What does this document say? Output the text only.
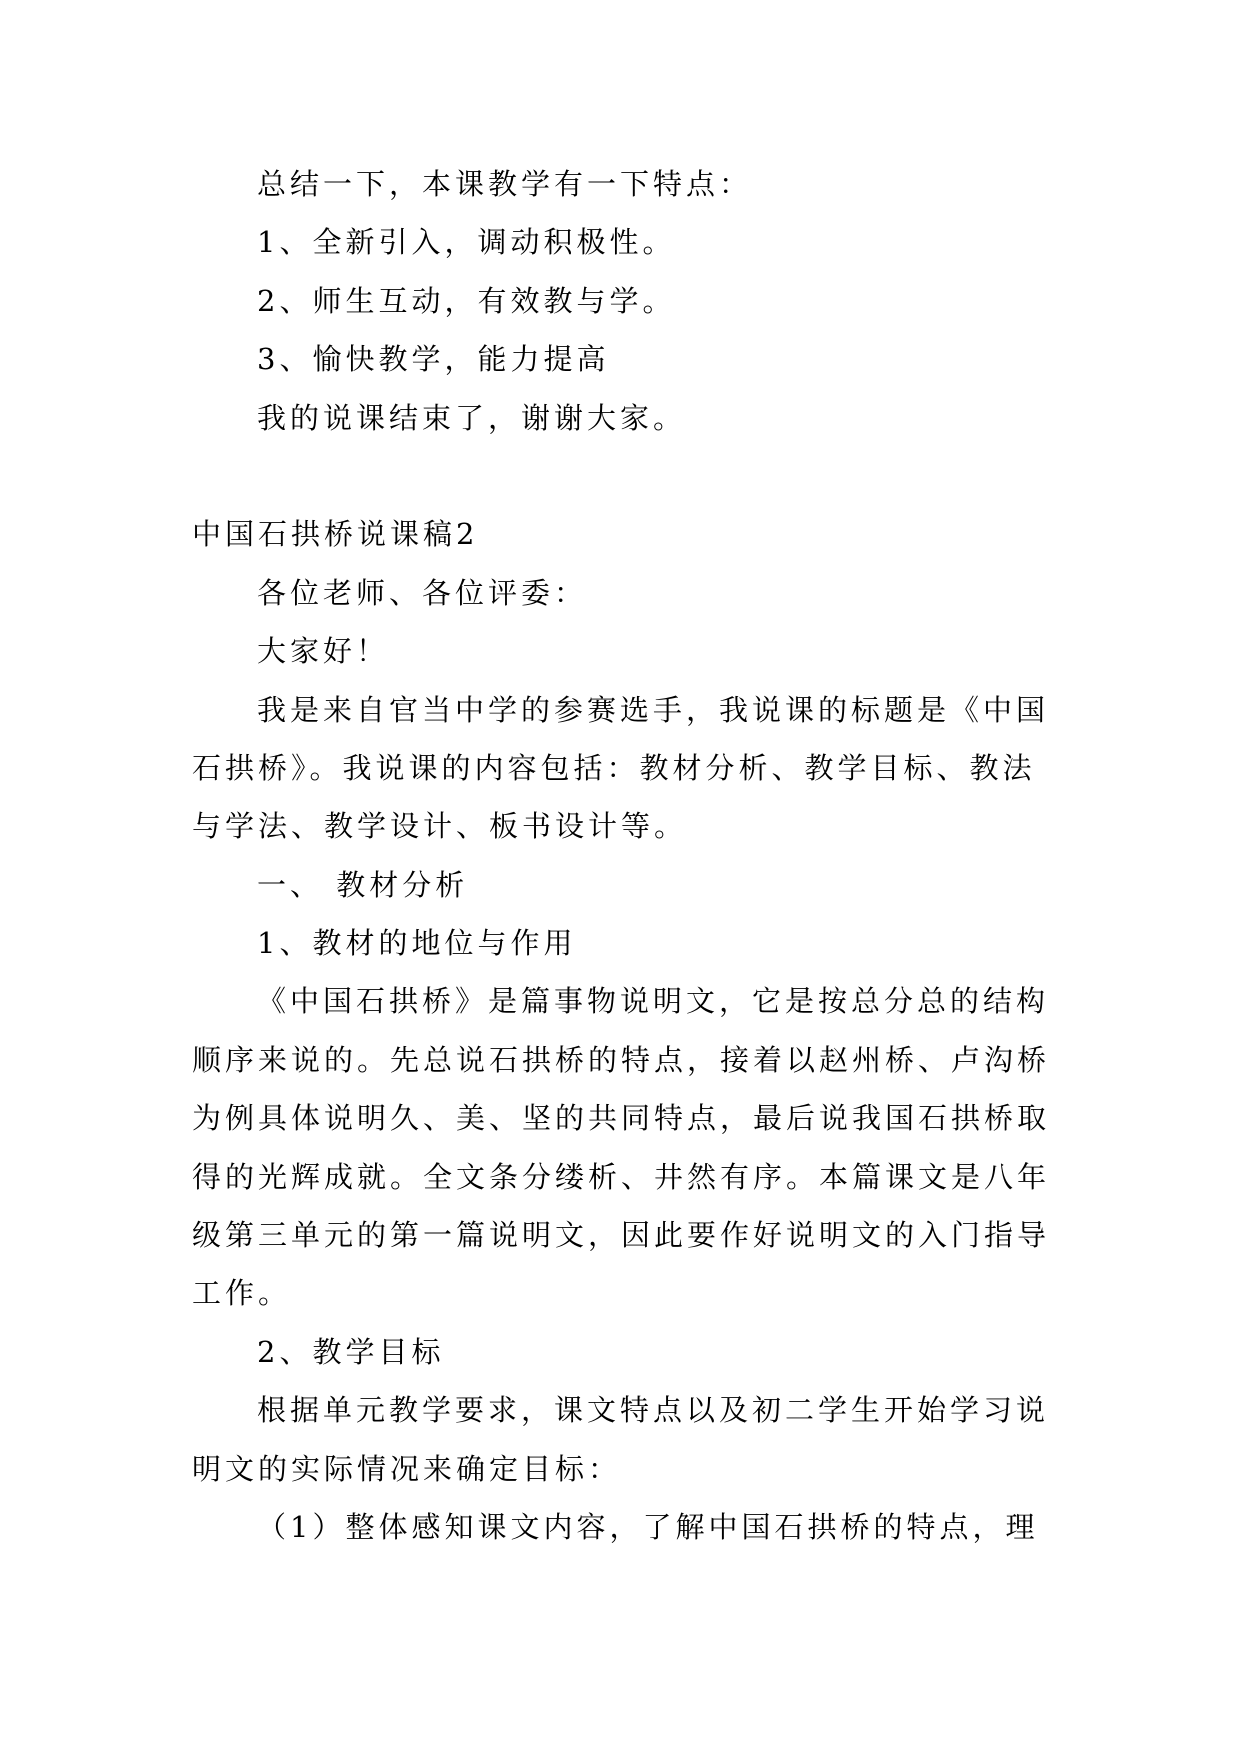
总结一下，本课教学有一下特点：
1、全新引入，调动积极性。
2、师生互动，有效教与学。
3、愉快教学，能力提高
我的说课结束了，谢谢大家。
中国石拱桥说课稿2
各位老师、各位评委：
大家好！
我是来自官当中学的参赛选手，我说课的标题是《中国
石拱桥》。我说课的内容包括：教材分析、教学目标、教法
与学法、教学设计、板书设计等。
一、 教材分析
1、教材的地位与作用
《中国石拱桥》是篇事物说明文，它是按总分总的结构
顺序来说的。先总说石拱桥的特点，接着以赵州桥、卢沟桥
为例具体说明久、美、坚的共同特点，最后说我国石拱桥取
得的光辉成就。全文条分缕析、井然有序。本篇课文是八年
级第三单元的第一篇说明文，因此要作好说明文的入门指导
工作。
2、教学目标
根据单元教学要求，课文特点以及初二学生开始学习说
明文的实际情况来确定目标：
（1）整体感知课文内容，了解中国石拱桥的特点，理
